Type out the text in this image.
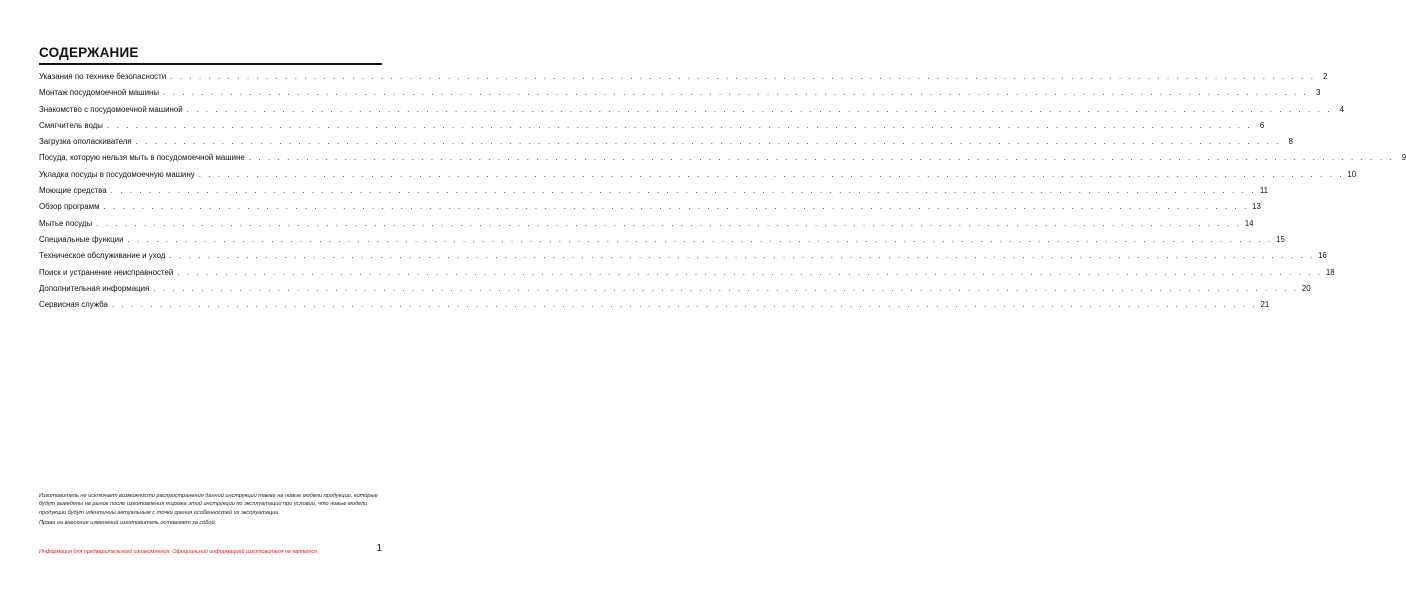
СОДЕРЖАНИЕ
Указания по технике безопасности . . . . . . . . . . . . . . . . . . . . . . . . . . . . . . . . . . . . . . . . . . . . . . . . . . . . . . . . . . . . . . . . . . . . . . . . . . . . . . . . . . . . . . . . . . . . . . . . . . . . . . . . . . . . . . . . . . . . . . . . 2
Монтаж посудомоечной машины . . . . . . . . . . . . . . . . . . . . . . . . . . . . . . . . . . . . . . . . . . . . . . . . . . . . . . . . . . . . . . . . . . . . . . . . . . . . . . . . . . . . . . . . . . . . . . . . . . . . . . . . . . . . . . . . . . . . . . . . 3
Знакомство с посудомоечной машиной . . . . . . . . . . . . . . . . . . . . . . . . . . . . . . . . . . . . . . . . . . . . . . . . . . . . . . . . . . . . . . . . . . . . . . . . . . . . . . . . . . . . . . . . . . . . . . . . . . . . . . . . . . . . . . . . . . . . . . . . 4
Смягчитель воды . . . . . . . . . . . . . . . . . . . . . . . . . . . . . . . . . . . . . . . . . . . . . . . . . . . . . . . . . . . . . . . . . . . . . . . . . . . . . . . . . . . . . . . . . . . . . . . . . . . . . . . . . . . . . . . . . . . . . . . . 6
Загрузка ополаскивателя . . . . . . . . . . . . . . . . . . . . . . . . . . . . . . . . . . . . . . . . . . . . . . . . . . . . . . . . . . . . . . . . . . . . . . . . . . . . . . . . . . . . . . . . . . . . . . . . . . . . . . . . . . . . . . . . . . . . . . . . 8
Посуда, которую нельзя мыть в посудомоечной машине . . . . . . . . . . . . . . . . . . . . . . . . . . . . . . . . . . . . . . . . . . . . . . . . . . . . . . . . . . . . . . . . . . . . . . . . . . . . . . . . . . . . . . . . . . . . . . . . . . . . . . . . . . . . . . . . . . . . . . . . 9
Укладка посуды в посудомоечную машину . . . . . . . . . . . . . . . . . . . . . . . . . . . . . . . . . . . . . . . . . . . . . . . . . . . . . . . . . . . . . . . . . . . . . . . . . . . . . . . . . . . . . . . . . . . . . . . . . . . . . . . . . . . . . . . . . . . . . . . . 10
Моющие средства . . . . . . . . . . . . . . . . . . . . . . . . . . . . . . . . . . . . . . . . . . . . . . . . . . . . . . . . . . . . . . . . . . . . . . . . . . . . . . . . . . . . . . . . . . . . . . . . . . . . . . . . . . . . . . . . . . . . . . . . 11
Обзор программ . . . . . . . . . . . . . . . . . . . . . . . . . . . . . . . . . . . . . . . . . . . . . . . . . . . . . . . . . . . . . . . . . . . . . . . . . . . . . . . . . . . . . . . . . . . . . . . . . . . . . . . . . . . . . . . . . . . . . . . . 13
Мытье посуды . . . . . . . . . . . . . . . . . . . . . . . . . . . . . . . . . . . . . . . . . . . . . . . . . . . . . . . . . . . . . . . . . . . . . . . . . . . . . . . . . . . . . . . . . . . . . . . . . . . . . . . . . . . . . . . . . . . . . . . . 14
Специальные функции . . . . . . . . . . . . . . . . . . . . . . . . . . . . . . . . . . . . . . . . . . . . . . . . . . . . . . . . . . . . . . . . . . . . . . . . . . . . . . . . . . . . . . . . . . . . . . . . . . . . . . . . . . . . . . . . . . . . . . . . 15
Техническое обслуживание и уход . . . . . . . . . . . . . . . . . . . . . . . . . . . . . . . . . . . . . . . . . . . . . . . . . . . . . . . . . . . . . . . . . . . . . . . . . . . . . . . . . . . . . . . . . . . . . . . . . . . . . . . . . . . . . . . . . . . . . . . . 16
Поиск и устранение неисправностей . . . . . . . . . . . . . . . . . . . . . . . . . . . . . . . . . . . . . . . . . . . . . . . . . . . . . . . . . . . . . . . . . . . . . . . . . . . . . . . . . . . . . . . . . . . . . . . . . . . . . . . . . . . . . . . . . . . . . . . . 18
Дополнительная информация . . . . . . . . . . . . . . . . . . . . . . . . . . . . . . . . . . . . . . . . . . . . . . . . . . . . . . . . . . . . . . . . . . . . . . . . . . . . . . . . . . . . . . . . . . . . . . . . . . . . . . . . . . . . . . . . . . . . . . . . 20
Сервисная служба . . . . . . . . . . . . . . . . . . . . . . . . . . . . . . . . . . . . . . . . . . . . . . . . . . . . . . . . . . . . . . . . . . . . . . . . . . . . . . . . . . . . . . . . . . . . . . . . . . . . . . . . . . . . . . . . . . . . . . . . 21

Изготовитель не исключает возможности распространения данной инструкции также на новые модели продукции, которые будут выведены на рынок после изготовления тиража этой инструкции по эксплуатации при условии, что новые модели продукции будут идентичны актуальным с точки зрения особенностей их эксплуатации.

Право на внесение изменений изготовитель оставляет за собой.

Информация для предварительного ознакомления. Официальной информацией изготовителя не является.	1
